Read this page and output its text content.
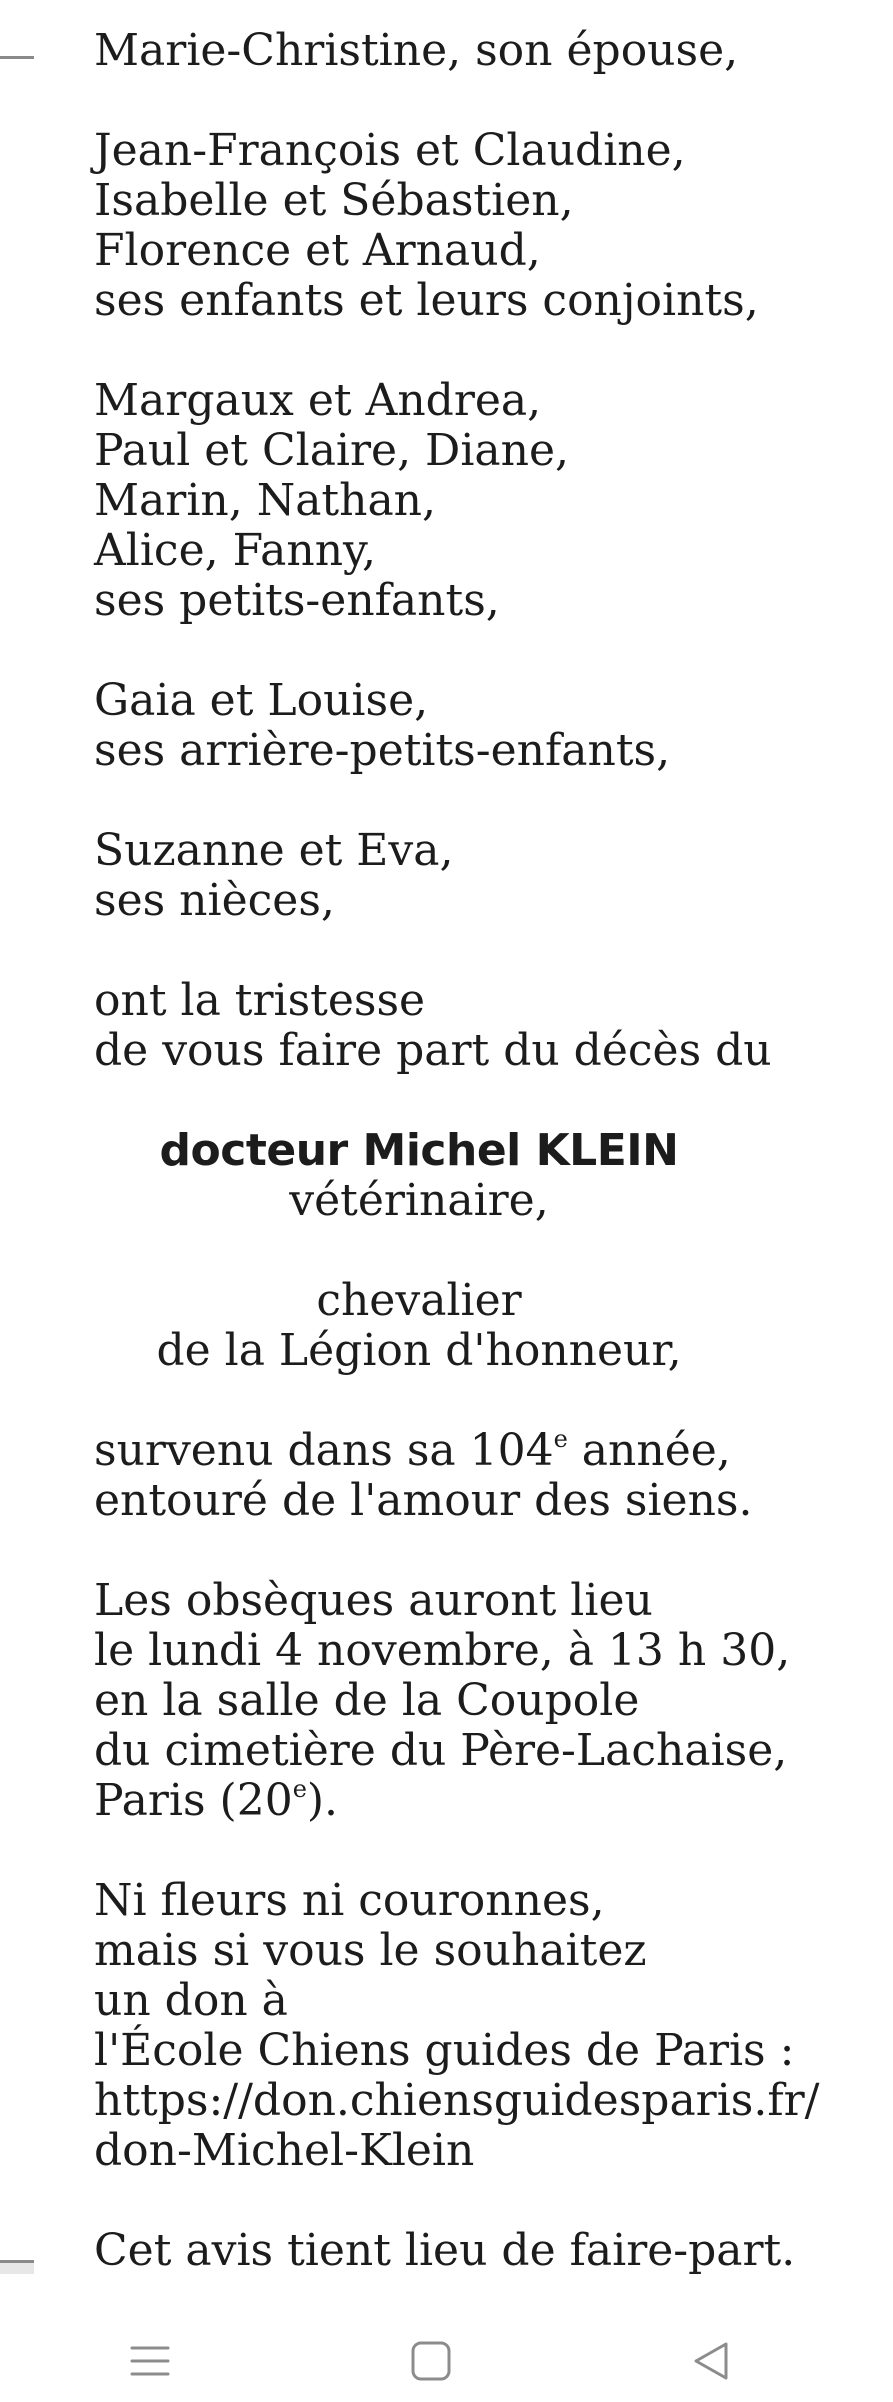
Marie-Christine, son épouse,
Jean-François et Claudine,
Isabelle et Sébastien,
Florence et Arnaud,
ses enfants et leurs conjoints,
Margaux et Andrea,
Paul et Claire, Diane,
Marin, Nathan,
Alice, Fanny,
ses petits-enfants,
Gaia et Louise,
ses arrière-petits-enfants,
Suzanne et Eva,
ses nièces,
ont la tristesse
de vous faire part du décès du
docteur Michel KLEIN
vétérinaire,
chevalier
de la Légion d'honneur,
survenu dans sa 104e année,
entouré de l'amour des siens.
Les obsèques auront lieu
le lundi 4 novembre, à 13 h 30,
en la salle de la Coupole
du cimetière du Père-Lachaise,
Paris (20e).
Ni fleurs ni couronnes,
mais si vous le souhaitez
un don à
l'École Chiens guides de Paris :
https://don.chiensguidesparis.fr/
don-Michel-Klein
Cet avis tient lieu de faire-part.
